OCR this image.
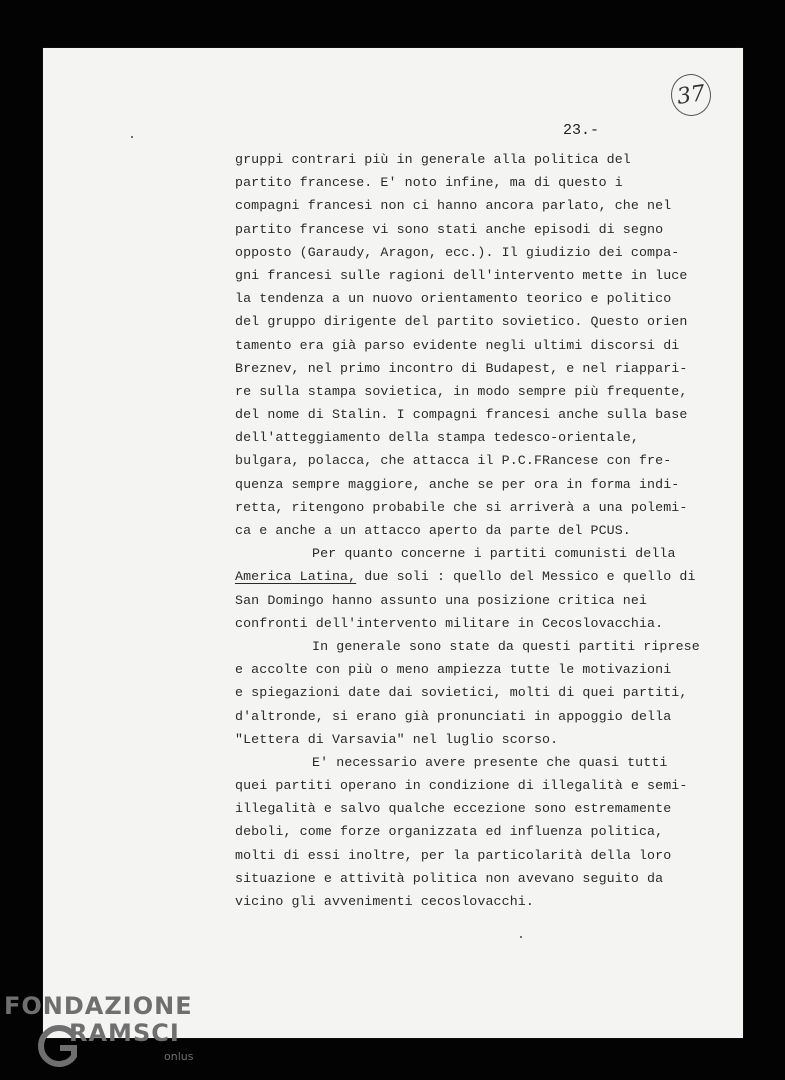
37
23.-
gruppi contrari più in generale alla politica del
partito francese. E' noto infine, ma di questo i
compagni francesi non ci hanno ancora parlato, che nel
partito francese vi sono stati anche episodi di segno
opposto (Garaudy, Aragon, ecc.). Il giudizio dei compa-
gni francesi sulle ragioni dell'intervento mette in luce
la tendenza a un nuovo orientamento teorico e politico
del gruppo dirigente del partito sovietico. Questo orien
tamento era già parso evidente negli ultimi discorsi di
Breznev, nel primo incontro di Budapest, e nel riappari-
re sulla stampa sovietica, in modo sempre più frequente,
del nome di Stalin. I compagni francesi anche sulla base
dell'atteggiamento della stampa tedesco-orientale,
bulgara, polacca, che attacca il P.C.FRancese con fre-
quenza sempre maggiore, anche se per ora in forma indi-
retta, ritengono probabile che si arriverà a una polemi-
ca e anche a un attacco aperto da parte del PCUS.
Per quanto concerne i partiti comunisti della
America Latina, due soli : quello del Messico e quello di
San Domingo hanno assunto una posizione critica nei
confronti dell'intervento militare in Cecoslovacchia.
In generale sono state da questi partiti riprese
e accolte con più o meno ampiezza tutte le motivazioni
e spiegazioni date dai sovietici, molti di quei partiti,
d'altronde, si erano già pronunciati in appoggio della
"Lettera di Varsavia" nel luglio scorso.
E' necessario avere presente che quasi tutti
quei partiti operano in condizione di illegalità e semi-
illegalità e salvo qualche eccezione sono estremamente
deboli, come forze organizzata ed influenza politica,
molti di essi inoltre, per la particolarità della loro
situazione e attività politica non avevano seguito da
vicino gli avvenimenti cecoslovacchi.
FONDAZIONE
RAMSCI
onlus
